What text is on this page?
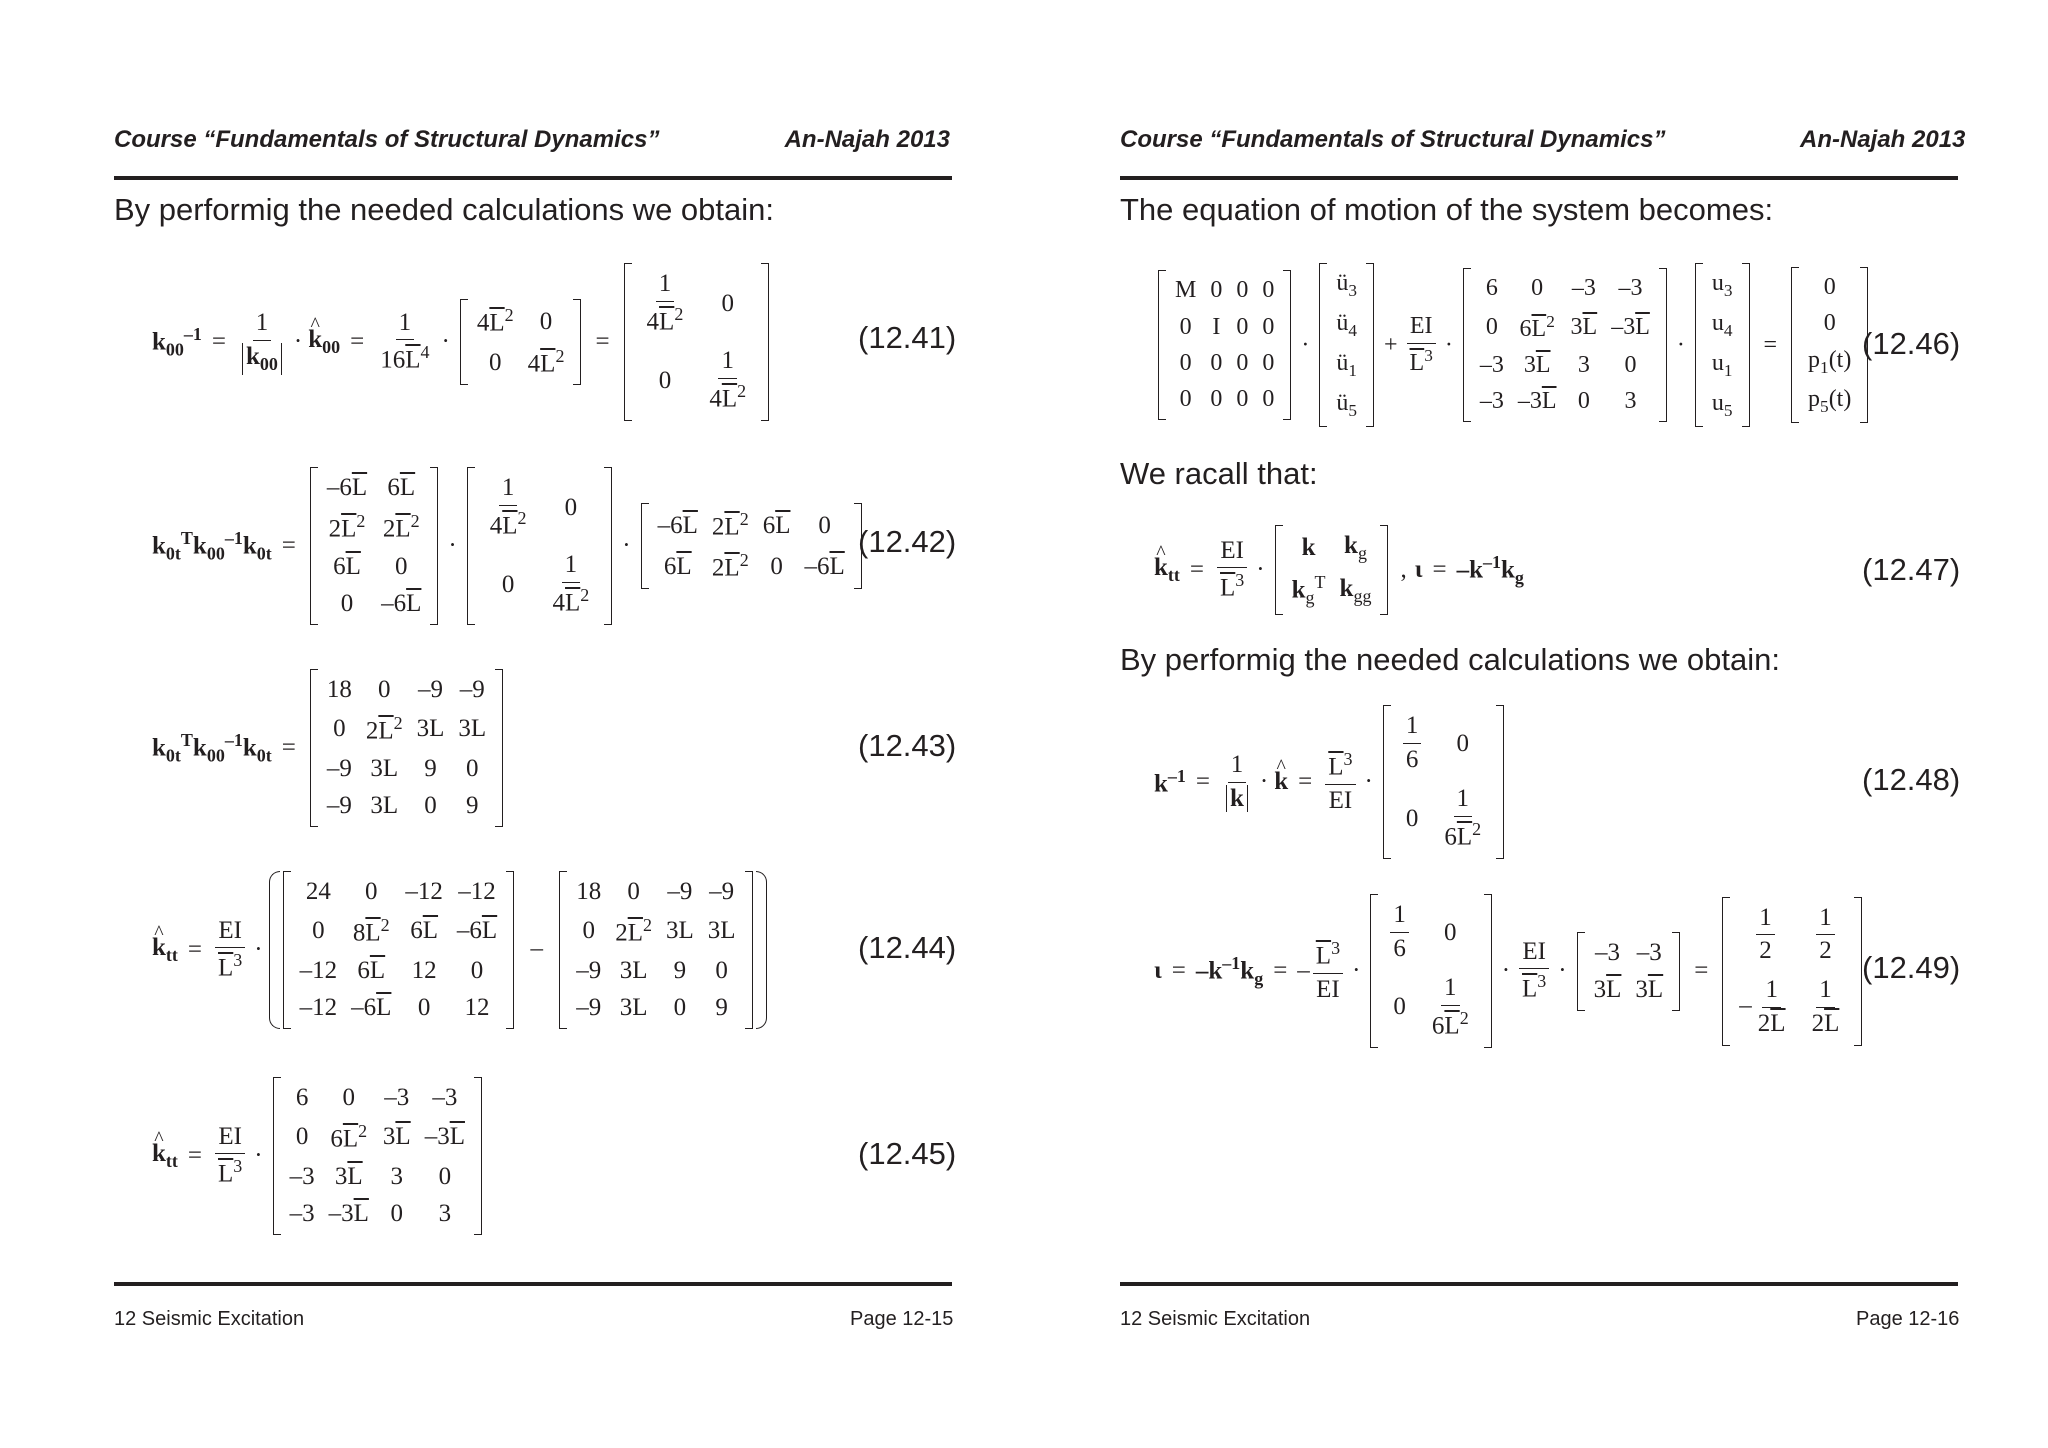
Course “Fundamentals of Structural Dynamics”	An-Najah 2013
By performig the needed calculations we obtain:
$k_{00}^{-1} = \frac{1}{k_{00}}$ · ^ $k_{00} = \frac{1}{16\overline{L}^4}$ ·
$4\overline{L}^2$	0
0	$4\overline{L}^2$
=
$\frac{1}{4\overline{L}^2}$	0
0	$\frac{1}{4\overline{L}^2}$
(12.41)
$k_{0t}^Tk_{00}^{-1}k_{0t}$ =
$-6\overline{L}$	$6\overline{L}$
$2\overline{L}^2$	$2\overline{L}^2$
$6\overline{L}$	0
0	$-6\overline{L}$
·
$\frac{1}{4\overline{L}^2}$	0
0	$\frac{1}{4\overline{L}^2}$
·
$-6\overline{L}$	$2\overline{L}^2$	$6\overline{L}$	0
$6\overline{L}$	$2\overline{L}^2$	0	$-6\overline{L}$
(12.42)
$k_{0t}^Tk_{00}^{-1}k_{0t}$ =
18	0	–9	–9
0	$2\overline{L}^2$	3L	3L
–9	3L	9	0
–9	3L	0	9
(12.43)
^ $k_{tt} = \frac{EI}{\overline{L}^3}$ ·
24	0	–12	–12
0	$8\overline{L}^2$	$6\overline{L}$	$-6\overline{L}$
–12	$6\overline{L}$	12	0
–12	$-6\overline{L}$	0	12
–
18	0	–9	–9
0	$2\overline{L}^2$	3L	3L
–9	3L	9	0
–9	3L	0	9
(12.44)
^ $k_{tt} = \frac{EI}{\overline{L}^3}$ ·
6	0	–3	–3
0	$6\overline{L}^2$	$3\overline{L}$	$-3\overline{L}$
–3	$3\overline{L}$	3	0
–3	$-3\overline{L}$	0	3
(12.45)
12 Seismic Excitation	Page 12-15
Course “Fundamentals of Structural Dynamics”	An-Najah 2013
The equation of motion of the system becomes:
M	0	0	0
0	I	0	0
0	0	0	0
0	0	0	0
·
$ü_3$
$ü_4$
$ü_1$
$ü_5$
+ $\frac{EI}{\overline{L}^3}$ ·
6	0	–3	–3
0	$6\overline{L}^2$	$3\overline{L}$	$-3\overline{L}$
–3	$3\overline{L}$	3	0
–3	$-3\overline{L}$	0	3
·
$u_3$
$u_4$
$u_1$
$u_5$
=
0
0
$p_1(t)$
$p_5(t)$
(12.46)
We racall that:
^ $k_{tt} = \frac{EI}{\overline{L}^3}$ ·
k	$k_g$
$k_g^T$	$k_{gg}$
, $\iota = -k^{-1}k_g$	(12.47)
By performig the needed calculations we obtain:
$k^{-1} = \frac{1}{k}$ · ^ $k = \frac{\overline{L}^3}{EI}$ ·
$\frac{1}{6}$	0
0	$\frac{1}{6\overline{L}^2}$
(12.48)
$\iota = -k^{-1}k_g$ = – $\frac{\overline{L}^3}{EI}$ ·
$\frac{1}{6}$	0
0	$\frac{1}{6\overline{L}^2}$
· $\frac{EI}{\overline{L}^3}$ ·
–3	–3
$3\overline{L}$	$3\overline{L}$
=
$\frac{1}{2}$	$\frac{1}{2}$

– $\frac{1}{2\overline{L}}$	$\frac{1}{2\overline{L}}$
(12.49)
12 Seismic Excitation	Page 12-16
